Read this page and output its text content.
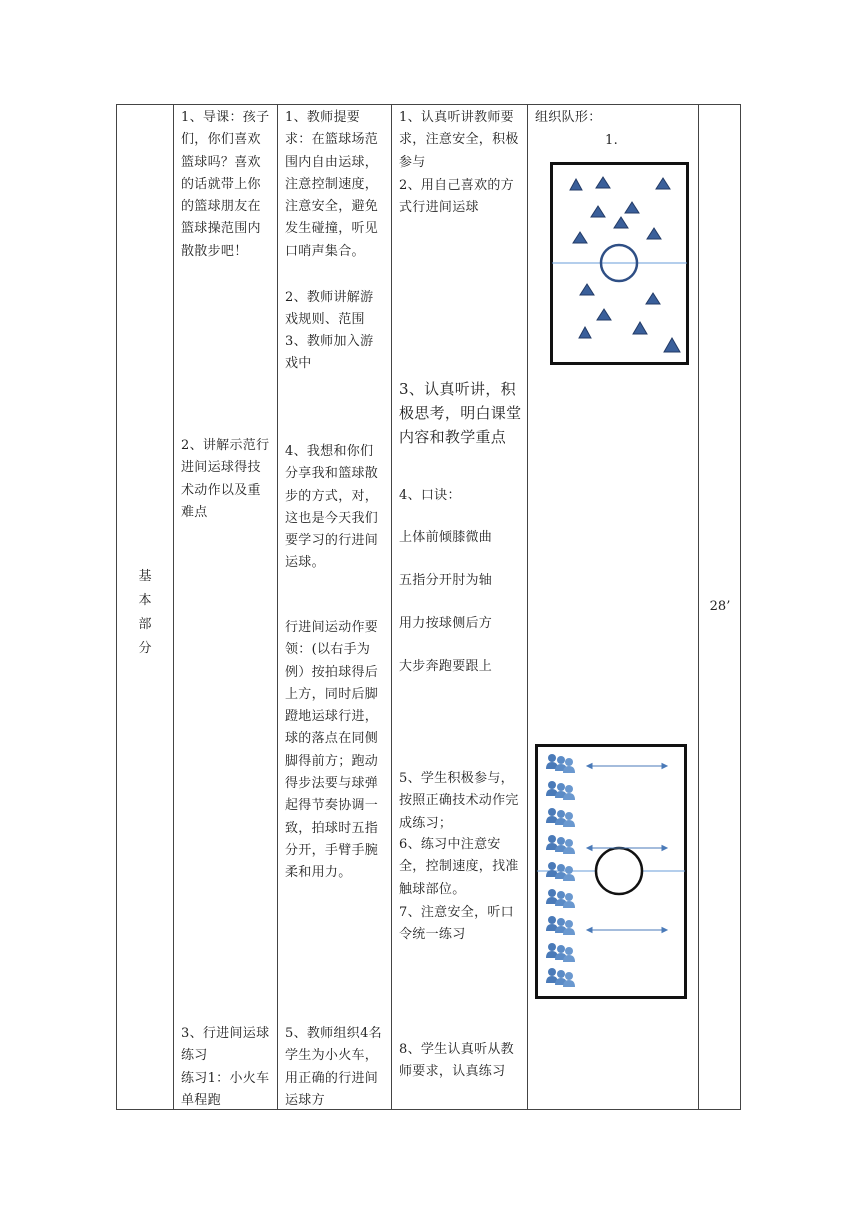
基
本
部
分
28’
1、导课：孩子们，你们喜欢篮球吗？喜欢的话就带上你的篮球朋友在篮球操范围内散散步吧！
2、讲解示范行进间运球得技术动作以及重难点

3、行进间运球练习
练习1：小火车单程跑

1、教师提要求：在篮球场范围内自由运球，注意控制速度，注意安全，避免发生碰撞，听见口哨声集合。
2、教师讲解游戏规则、范围
3、教师加入游戏中
4、我想和你们分享我和篮球散步的方式，对，这也是今天我们要学习的行进间运球。
行进间运动作要领：(以右手为例）按拍球得后上方，同时后脚蹬地运球行进，球的落点在同侧脚得前方；跑动得步法要与球弹起得节奏协调一致，拍球时五指分开，手臂手腕柔和用力。
5、教师组织4名学生为小火车，用正确的行进间运球方
1、认真听讲教师要求，注意安全，积极参与
2、用自己喜欢的方式行进间运球
3、认真听讲，积极思考，明白课堂内容和教学重点
4、口诀：
上体前倾膝微曲
五指分开肘为轴
用力按球侧后方
大步奔跑要跟上
5、学生积极参与，按照正确技术动作完成练习；
6、练习中注意安全，控制速度，找准触球部位。
7、注意安全，听口令统一练习
8、学生认真听从教师要求，认真练习
组织队形：
1.
